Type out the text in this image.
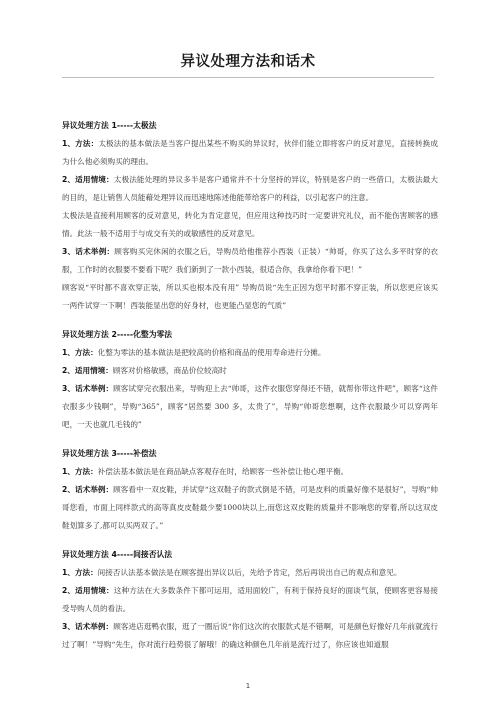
异议处理方法和话术
异议处理方法 1-----太极法
1、方法：太极法的基本做法是当客户提出某些不购买的异议时，伙伴们能立即将客户的反对意见，直接转换成为什么他必须购买的理由。
2、适用情境：太极法能处理的异议多半是客户通常并不十分坚持的异议，特别是客户的一些借口，太极法最大的目的，是让销售人员能藉处理异议而迅速地陈述他能带给客户的利益，以引起客户的注意。
太极法是直接利用顾客的反对意见，转化为肯定意见，但应用这种技巧时一定要讲究礼仪，而不能伤害顾客的感情。此法一般不适用于与成交有关的或敏感性的反对意见。
3、话术举例：顾客购买完休闲的衣服之后，导购员给他推荐小西装（正装）“帅哥，你买了这么多平时穿的衣服，工作时的衣服要不要看下呢？我们新到了一款小西装，很适合你，我拿给你看下吧！”
顾客说“平时都不喜欢穿正装，所以买也根本没有用” 导购员说“先生正因为您平时都不穿正装，所以您更应该买一两件试穿一下啊！西装能显出您的好身材，也更能凸显您的气质”
异议处理方法 2-----化整为零法
1、方法：化整为零法的基本做法是把较高的价格和商品的使用寿命进行分摊。
2、适用情境：顾客对价格敏感，商品价位较高时
3、话术举例：顾客试穿完衣服出来，导购迎上去“帅哥，这件衣服您穿得还不错，就帮你带这件吧”，顾客“这件衣服多少钱啊”，导购“365”，顾客“居然要 300 多，太贵了”，导购“帅哥您想啊，这件衣服最少可以穿两年吧，一天也就几毛钱的”
异议处理方法 3-----补偿法
1、方法：补偿法基本做法是在商品缺点客观存在时，给顾客一些补偿让他心理平衡。
2、话术举例：顾客看中一双皮鞋，并试穿“这双鞋子的款式倒是不错，可是皮料的质量好像不是很好”，导购“帅哥您看，市面上同样款式的高等真皮皮鞋最少要1000块以上,而您这双皮鞋的质量并不影响您的穿着,所以这双皮鞋划算多了,都可以买两双了。”
异议处理方法 4-----间接否认法
1、方法：间接否认法基本做法是在顾客提出异议以后，先给予肯定，然后再说出自己的观点和意见。
2、适用情境：这种方法在大多数条件下都可运用，适用面较广，有利于保持良好的面谈气氛，使顾客更容易接受导购人员的看法。
3、话术举例：顾客进店逛鸭衣服，逛了一圈后说“你们这次的衣服款式是不错啊，可是颜色好像好几年前就流行过了啊！”导购“先生，你对流行趋势很了解哦！的确这种颜色几年前是流行过了，你应该也知道服
1
